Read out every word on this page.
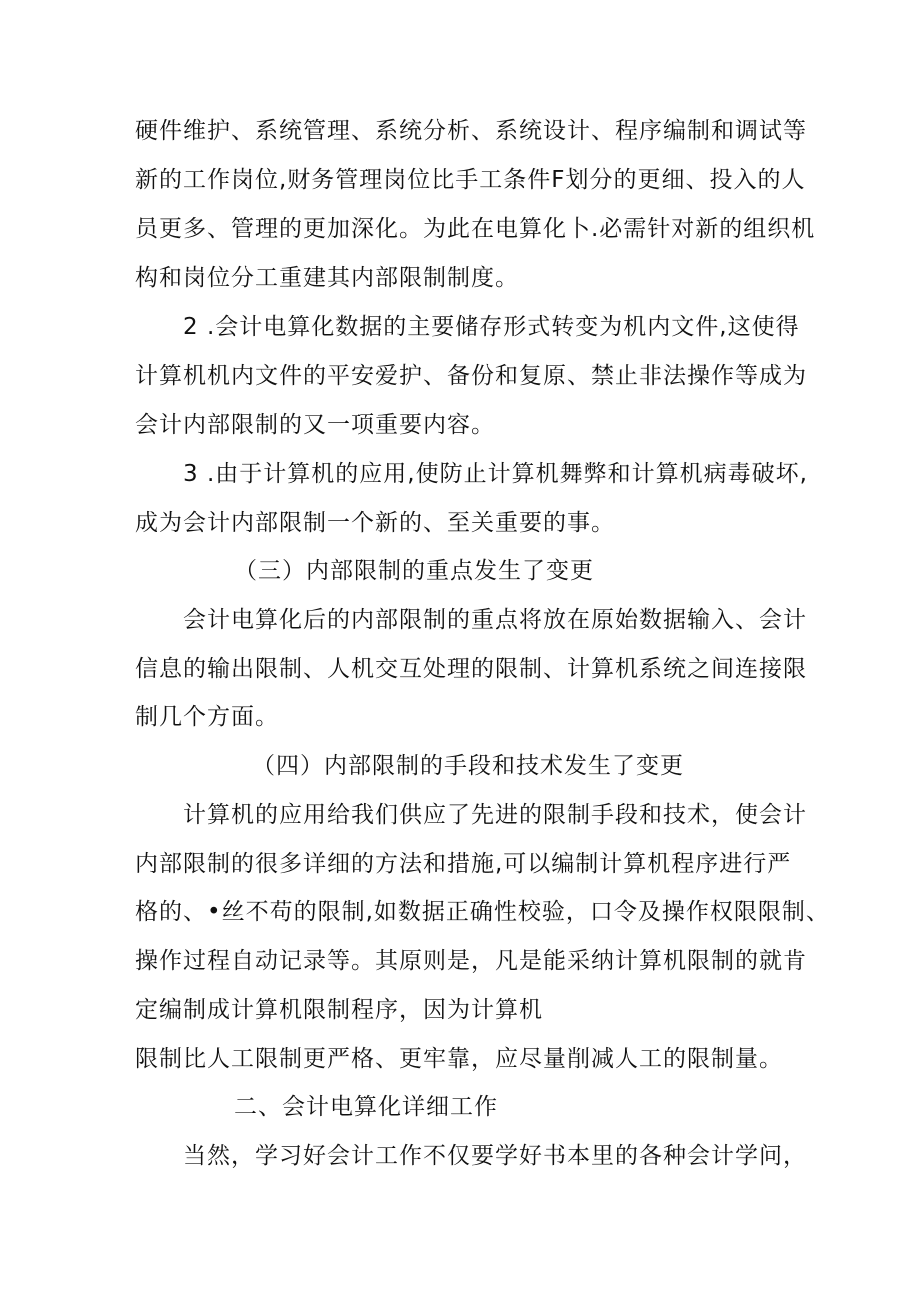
硬件维护、系统管理、系统分析、系统设计、程序编制和调试等
新的工作岗位,财务管理岗位比手工条件F划分的更细、投入的人
员更多、管理的更加深化。为此在电算化卜.必需针对新的组织机
构和岗位分工重建其内部限制制度。
2 .会计电算化数据的主要储存形式转变为机内文件,这使得
计算机机内文件的平安爱护、备份和复原、禁止非法操作等成为
会计内部限制的又一项重要内容。
3 .由于计算机的应用,使防止计算机舞弊和计算机病毒破坏,
成为会计内部限制一个新的、至关重要的事。
（三）内部限制的重点发生了变更
会计电算化后的内部限制的重点将放在原始数据输入、会计
信息的输出限制、人机交互处理的限制、计算机系统之间连接限
制几个方面。
（四）内部限制的手段和技术发生了变更
计算机的应用给我们供应了先进的限制手段和技术，使会计
内部限制的很多详细的方法和措施,可以编制计算机程序进行严
格的、•丝不苟的限制,如数据正确性校验，口令及操作权限限制、
操作过程自动记录等。其原则是，凡是能采纳计算机限制的就肯
定编制成计算机限制程序，因为计算机
限制比人工限制更严格、更牢靠，应尽量削减人工的限制量。
二、会计电算化详细工作
当然，学习好会计工作不仅要学好书本里的各种会计学问，
